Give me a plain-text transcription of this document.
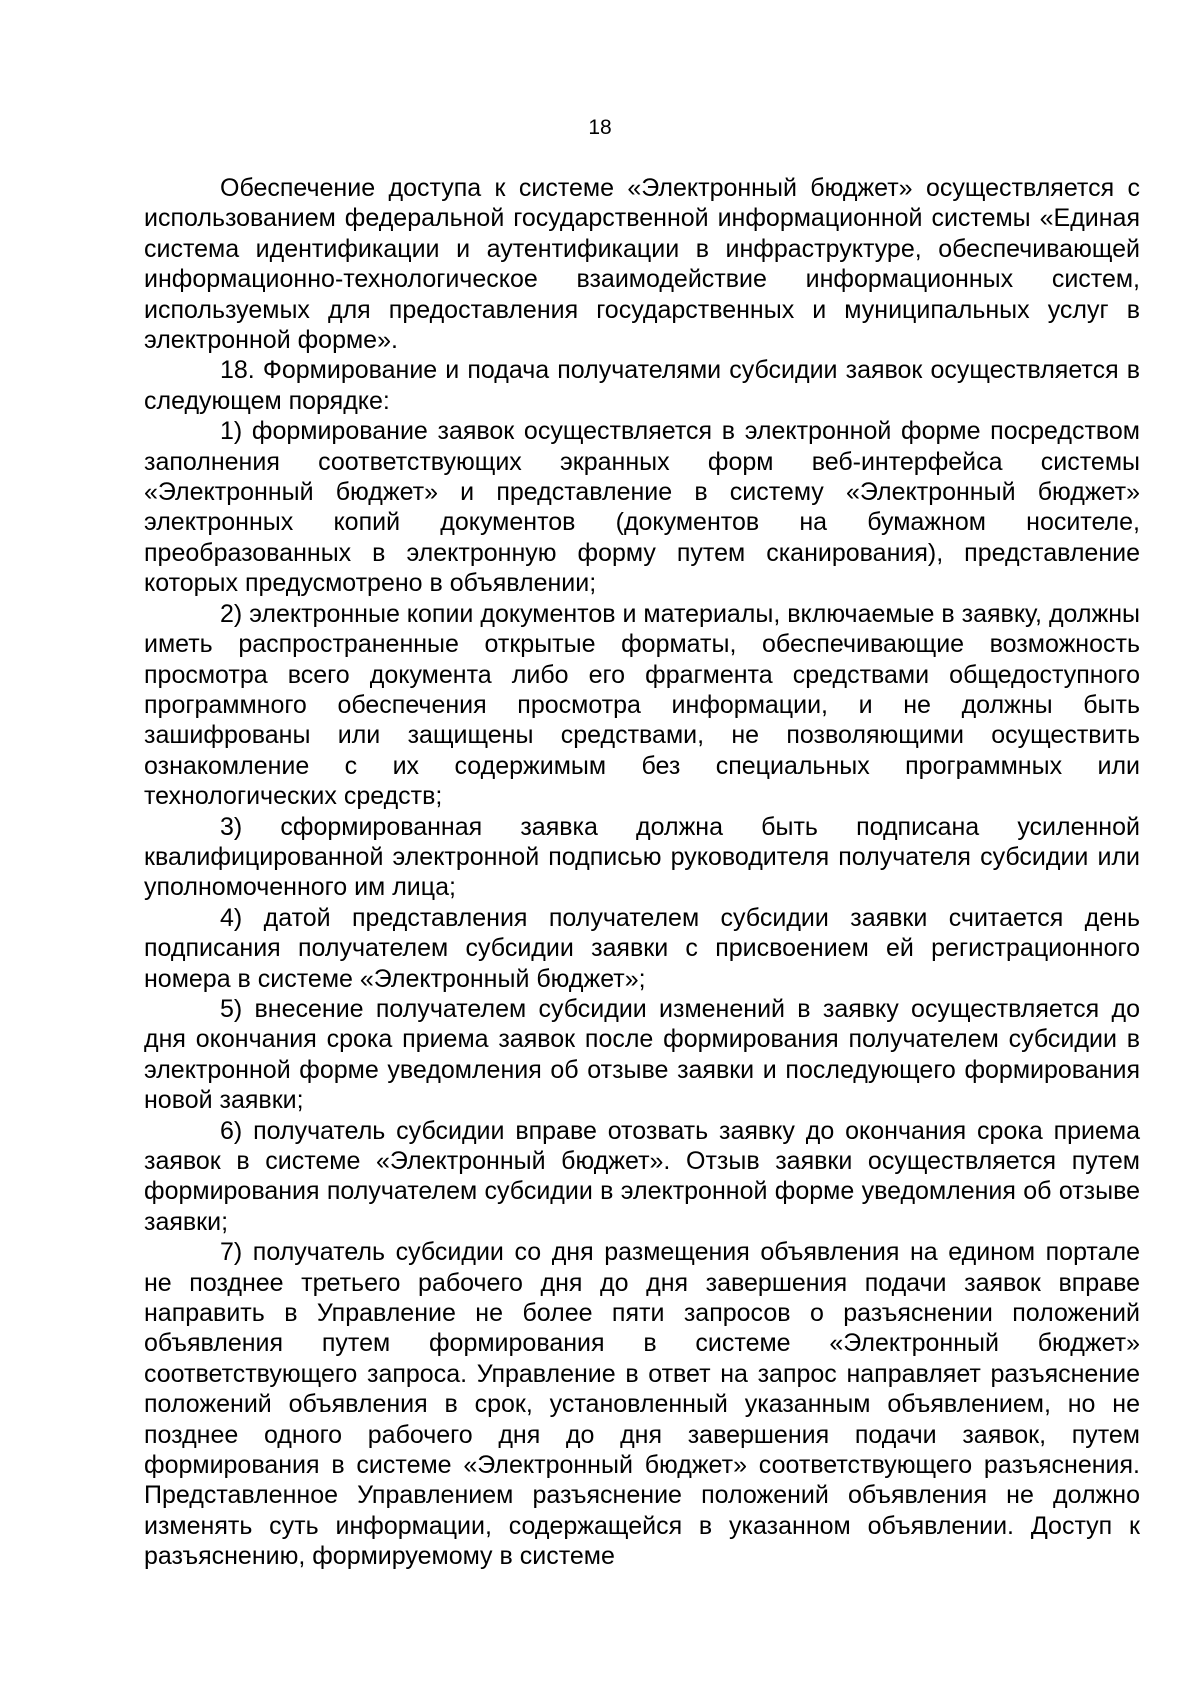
18

Обеспечение доступа к системе «Электронный бюджет» осуществляется с использованием федеральной государственной информационной системы «Единая система идентификации и аутентификации в инфраструктуре, обеспечивающей информационно-технологическое взаимодействие информационных систем, используемых для предоставления государственных и муниципальных услуг в электронной форме».

18. Формирование и подача получателями субсидии заявок осуществляется в следующем порядке:

1) формирование заявок осуществляется в электронной форме посредством заполнения соответствующих экранных форм веб-интерфейса системы «Электронный бюджет» и представление в систему «Электронный бюджет» электронных копий документов (документов на бумажном носителе, преобразованных в электронную форму путем сканирования), представление которых предусмотрено в объявлении;

2) электронные копии документов и материалы, включаемые в заявку, должны иметь распространенные открытые форматы, обеспечивающие возможность просмотра всего документа либо его фрагмента средствами общедоступного программного обеспечения просмотра информации, и не должны быть зашифрованы или защищены средствами, не позволяющими осуществить ознакомление с их содержимым без специальных программных или технологических средств;

3) сформированная заявка должна быть подписана усиленной квалифицированной электронной подписью руководителя получателя субсидии или уполномоченного им лица;

4) датой представления получателем субсидии заявки считается день подписания получателем субсидии заявки с присвоением ей регистрационного номера в системе «Электронный бюджет»;

5) внесение получателем субсидии изменений в заявку осуществляется до дня окончания срока приема заявок после формирования получателем субсидии в электронной форме уведомления об отзыве заявки и последующего формирования новой заявки;

6) получатель субсидии вправе отозвать заявку до окончания срока приема заявок в системе «Электронный бюджет». Отзыв заявки осуществляется путем формирования получателем субсидии в электронной форме уведомления об отзыве заявки;

7) получатель субсидии со дня размещения объявления на едином портале не позднее третьего рабочего дня до дня завершения подачи заявок вправе направить в Управление не более пяти запросов о разъяснении положений объявления путем формирования в системе «Электронный бюджет» соответствующего запроса. Управление в ответ на запрос направляет разъяснение положений объявления в срок, установленный указанным объявлением, но не позднее одного рабочего дня до дня завершения подачи заявок, путем формирования в системе «Электронный бюджет» соответствующего разъяснения. Представленное Управлением разъяснение положений объявления не должно изменять суть информации, содержащейся в указанном объявлении. Доступ к разъяснению, формируемому в системе
